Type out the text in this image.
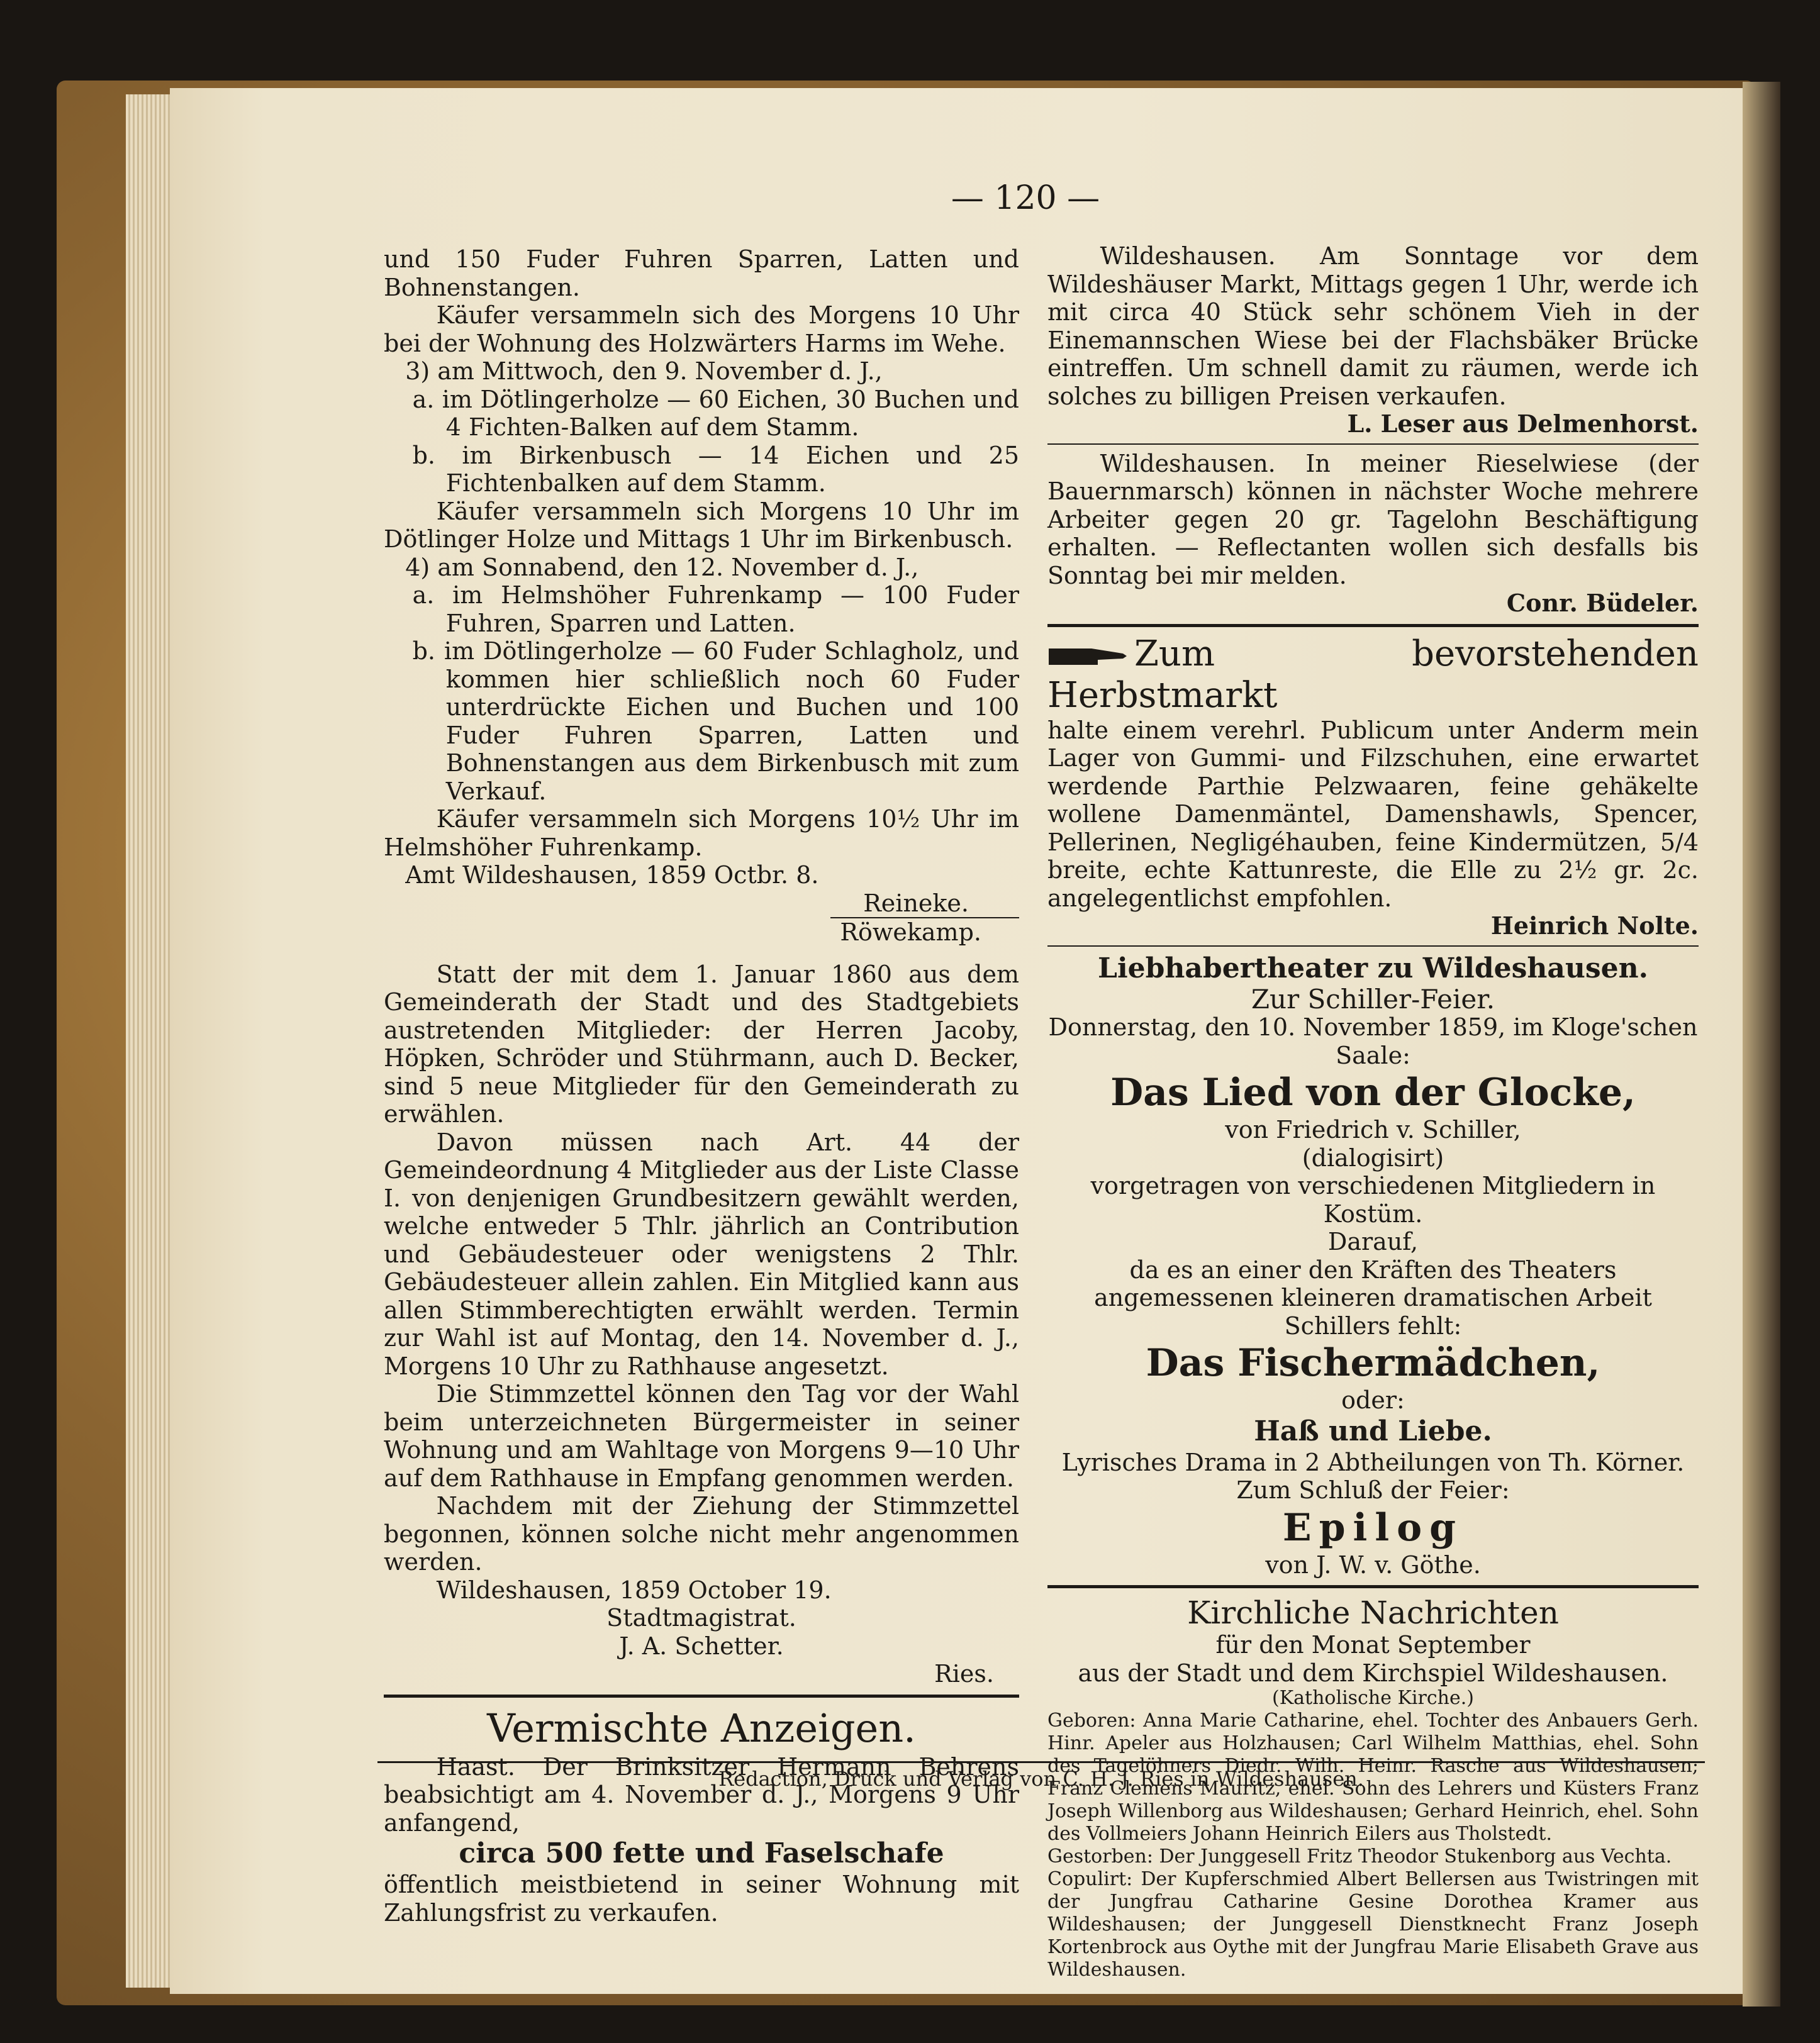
— 120 —

und 150 Fuder Fuhren Sparren, Latten und Bohnenstangen.

Käufer versammeln sich des Morgens 10 Uhr bei der Wohnung des Holzwärters Harms im Wehe.

3) am Mittwoch, den 9. November d. J.,

a. im Dötlingerholze — 60 Eichen, 30 Buchen und 4 Fichten-Balken auf dem Stamm.

b. im Birkenbusch — 14 Eichen und 25 Fichtenbalken auf dem Stamm.

Käufer versammeln sich Morgens 10 Uhr im Dötlinger Holze und Mittags 1 Uhr im Birkenbusch.

4) am Sonnabend, den 12. November d. J.,

a. im Helmshöher Fuhrenkamp — 100 Fuder Fuhren, Sparren und Latten.

b. im Dötlingerholze — 60 Fuder Schlagholz, und kommen hier schließlich noch 60 Fuder unterdrückte Eichen und Buchen und 100 Fuder Fuhren Sparren, Latten und Bohnenstangen aus dem Birkenbusch mit zum Verkauf.

Käufer versammeln sich Morgens 10½ Uhr im Helmshöher Fuhrenkamp.

Amt Wildeshausen, 1859 Octbr. 8.

Reineke.

Röwekamp.

Statt der mit dem 1. Januar 1860 aus dem Gemeinderath der Stadt und des Stadtgebiets austretenden Mitglieder: der Herren Jacoby, Höpken, Schröder und Stührmann, auch D. Becker, sind 5 neue Mitglieder für den Gemeinderath zu erwählen.

Davon müssen nach Art. 44 der Gemeindeordnung 4 Mitglieder aus der Liste Classe I. von denjenigen Grundbesitzern gewählt werden, welche entweder 5 Thlr. jährlich an Contribution und Gebäudesteuer oder wenigstens 2 Thlr. Gebäudesteuer allein zahlen. Ein Mitglied kann aus allen Stimmberechtigten erwählt werden. Termin zur Wahl ist auf Montag, den 14. November d. J., Morgens 10 Uhr zu Rathhause angesetzt.

Die Stimmzettel können den Tag vor der Wahl beim unterzeichneten Bürgermeister in seiner Wohnung und am Wahltage von Morgens 9—10 Uhr auf dem Rathhause in Empfang genommen werden.

Nachdem mit der Ziehung der Stimmzettel begonnen, können solche nicht mehr angenommen werden.

Wildeshausen, 1859 October 19.

Stadtmagistrat.

J. A. Schetter.

Ries.

Vermischte Anzeigen.

Haast. Der Brinksitzer Hermann Behrens beabsichtigt am 4. November d. J., Morgens 9 Uhr anfangend,

circa 500 fette und Faselschafe

öffentlich meistbietend in seiner Wohnung mit Zahlungsfrist zu verkaufen.

Wildeshausen. Am Sonntage vor dem Wildeshäuser Markt, Mittags gegen 1 Uhr, werde ich mit circa 40 Stück sehr schönem Vieh in der Einemannschen Wiese bei der Flachsbäker Brücke eintreffen. Um schnell damit zu räumen, werde ich solches zu billigen Preisen verkaufen.

L. Leser aus Delmenhorst.

Wildeshausen. In meiner Rieselwiese (der Bauernmarsch) können in nächster Woche mehrere Arbeiter gegen 20 gr. Tagelohn Beschäftigung erhalten. — Reflectanten wollen sich desfalls bis Sonntag bei mir melden.

Conr. Büdeler.

Zum bevorstehenden Herbstmarkt

halte einem verehrl. Publicum unter Anderm mein Lager von Gummi- und Filzschuhen, eine erwartet werdende Parthie Pelzwaaren, feine gehäkelte wollene Damenmäntel, Damenshawls, Spencer, Pellerinen, Negligéhauben, feine Kindermützen, 5/4 breite, echte Kattunreste, die Elle zu 2½ gr. 2c. angelegentlichst empfohlen.

Heinrich Nolte.

Liebhabertheater zu Wildeshausen.

Zur Schiller-Feier.

Donnerstag, den 10. November 1859, im Kloge'schen Saale:

Das Lied von der Glocke,

von Friedrich v. Schiller,

(dialogisirt)

vorgetragen von verschiedenen Mitgliedern in Kostüm.

Darauf,

da es an einer den Kräften des Theaters angemessenen kleineren dramatischen Arbeit Schillers fehlt:

Das Fischermädchen,

oder:

Haß und Liebe.

Lyrisches Drama in 2 Abtheilungen von Th. Körner.

Zum Schluß der Feier:

Epilog

von J. W. v. Göthe.

Kirchliche Nachrichten

für den Monat September

aus der Stadt und dem Kirchspiel Wildeshausen.

(Katholische Kirche.)

Geboren: Anna Marie Catharine, ehel. Tochter des Anbauers Gerh. Hinr. Apeler aus Holzhausen; Carl Wilhelm Matthias, ehel. Sohn des Tagelöhners Diedr. Wilh. Heinr. Rasche aus Wildeshausen; Franz Clemens Mauritz, ehel. Sohn des Lehrers und Küsters Franz Joseph Willenborg aus Wildeshausen; Gerhard Heinrich, ehel. Sohn des Vollmeiers Johann Heinrich Eilers aus Tholstedt.

Gestorben: Der Junggesell Fritz Theodor Stukenborg aus Vechta.

Copulirt: Der Kupferschmied Albert Bellersen aus Twistringen mit der Jungfrau Catharine Gesine Dorothea Kramer aus Wildeshausen; der Junggesell Dienstknecht Franz Joseph Kortenbrock aus Oythe mit der Jungfrau Marie Elisabeth Grave aus Wildeshausen.

Redaction, Druck und Verlag von C. H. J. Ries in Wildeshausen.
